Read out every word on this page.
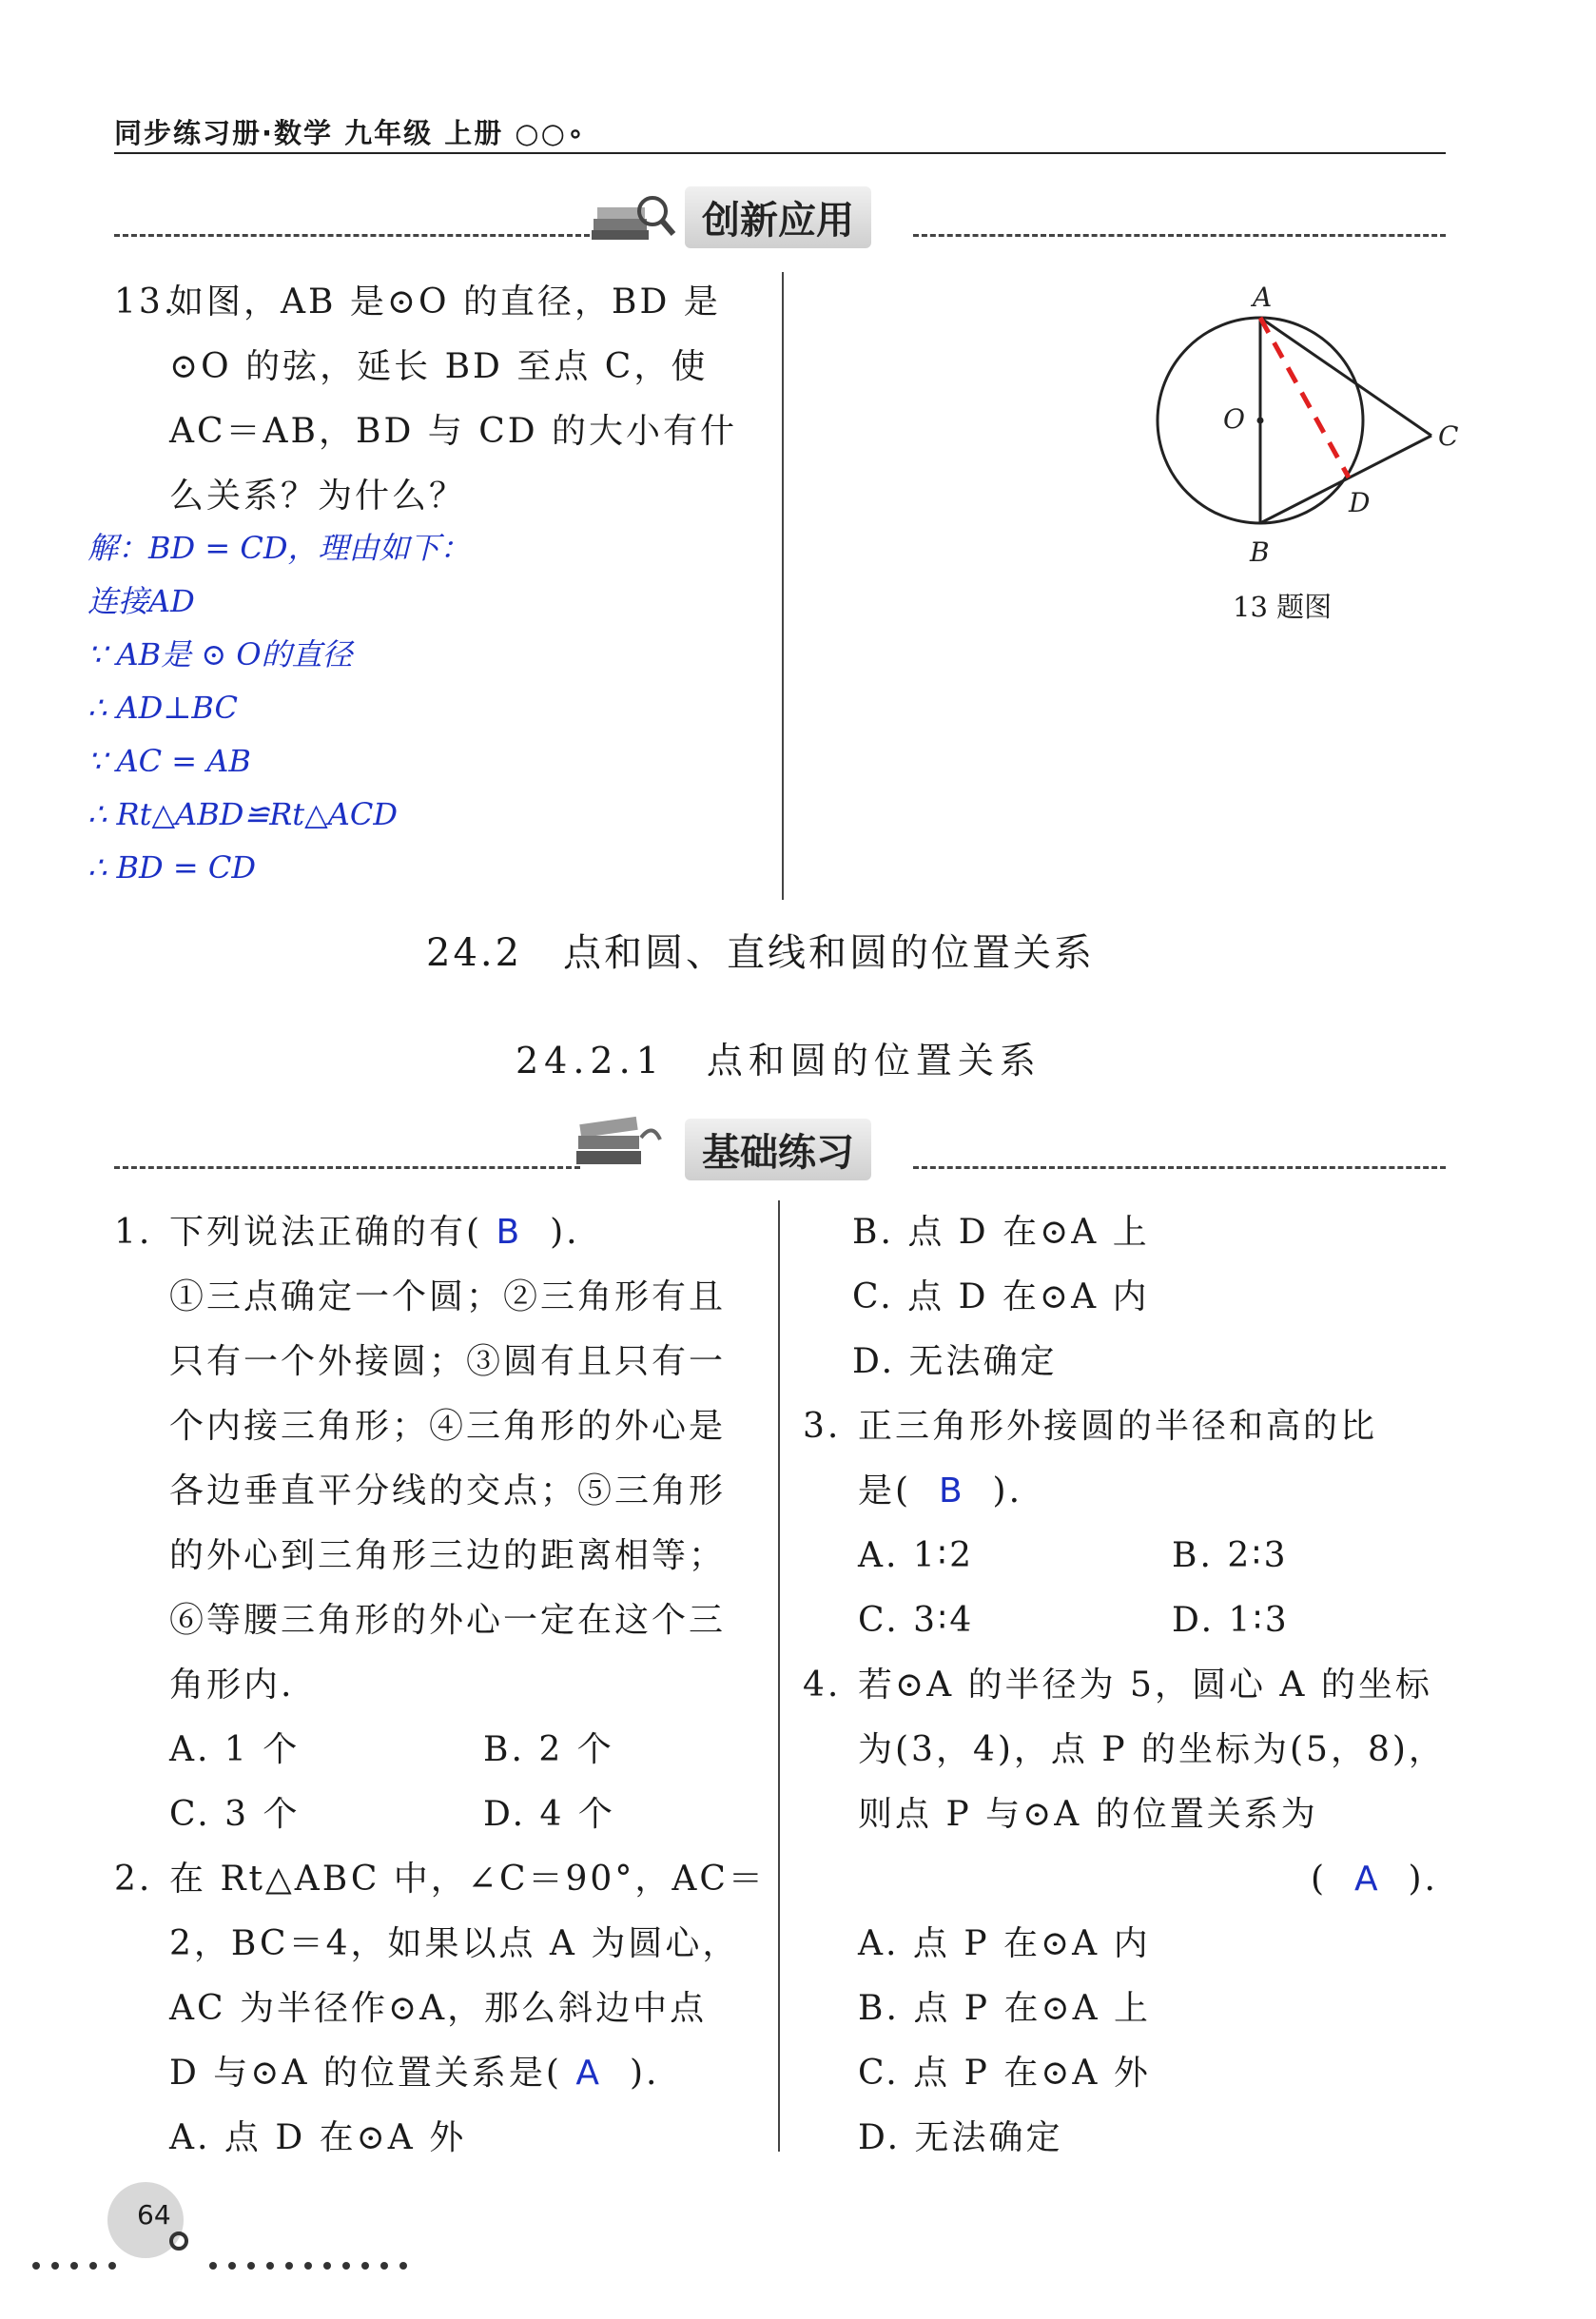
同步练习册·数学 九年级 上册 ○○∘
创新应用
13.
如图，AB 是⊙O 的直径，BD 是
⊙O 的弦，延长 BD 至点 C，使
AC＝AB，BD 与 CD 的大小有什
么关系？为什么？
解：BD = CD，理由如下：
连接AD
∵ AB是 ⊙ O的直径
∴ AD⊥BC
∵ AC = AB
∴ Rt△ABD≌Rt△ACD
∴ BD = CD
A
O
B
C
D
13 题图
24.2　点和圆、直线和圆的位置关系
24.2.1　点和圆的位置关系
基础练习
1. 下列说法正确的有( B ).
①三点确定一个圆；②三角形有且
只有一个外接圆；③圆有且只有一
个内接三角形；④三角形的外心是
各边垂直平分线的交点；⑤三角形
的外心到三角形三边的距离相等；
⑥等腰三角形的外心一定在这个三
角形内.
A. 1 个	B. 2 个
C. 3 个	D. 4 个
2. 在 Rt△ABC 中，∠C＝90°，AC＝
2，BC＝4，如果以点 A 为圆心，
AC 为半径作⊙A，那么斜边中点
D 与⊙A 的位置关系是( A ).
A. 点 D 在⊙A 外
B. 点 D 在⊙A 上
C. 点 D 在⊙A 内
D. 无法确定
3. 正三角形外接圆的半径和高的比
是( B ).
A. 1∶2	B. 2∶3
C. 3∶4	D. 1∶3
4. 若⊙A 的半径为 5，圆心 A 的坐标
为(3，4)，点 P 的坐标为(5，8)，
则点 P 与⊙A 的位置关系为
( A ).
A. 点 P 在⊙A 内
B. 点 P 在⊙A 上
C. 点 P 在⊙A 外
D. 无法确定
64
